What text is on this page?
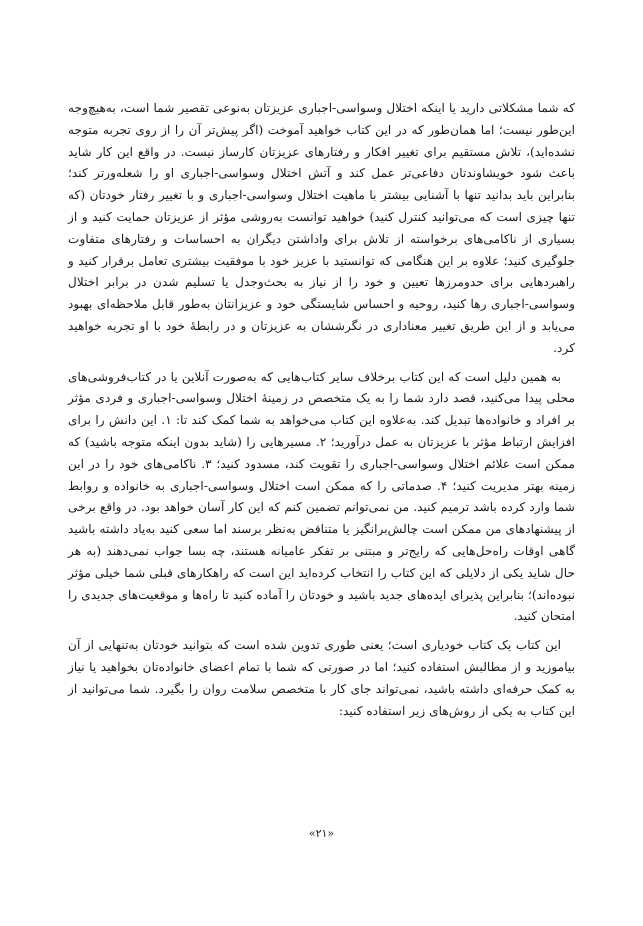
که شما مشکلاتی دارید یا اینکه اختلال وسواسی-اجباری عزیزتان به‌نوعی تقصیر شما است، به‌هیچ‌وجه این‌طور نیست؛ اما همان‌طور که در این کتاب خواهید آموخت (اگر پیش‌تر آن را از روی تجربه متوجه نشده‌اید)، تلاش مستقیم برای تغییر افکار و رفتارهای عزیزتان کارساز نیست. در واقع این کار شاید باعث شود خویشاوندتان دفاعی‌تر عمل کند و آتش اختلال وسواسی-اجباری او را شعله‌ورتر کند؛ بنابراین باید بدانید تنها با آشنایی بیشتر با ماهیت اختلال وسواسی-اجباری و با تغییر رفتار خودتان (که تنها چیزی است که می‌توانید کنترل کنید) خواهید توانست به‌روشی مؤثر از عزیزتان حمایت کنید و از بسیاری از ناکامی‌های برخواسته از تلاش برای واداشتن دیگران به احساسات و رفتارهای متفاوت جلوگیری کنید؛ علاوه بر این هنگامی که توانستید با عزیز خود با موفقیت بیشتری تعامل برقرار کنید و راهبردهایی برای حدومرزها تعیین و خود را از نیاز به بحث‌وجدل یا تسلیم شدن در برابر اختلال وسواسی-اجباری رها کنید، روحیه و احساس شایستگی خود و عزیزانتان به‌طور قابل ملاحظه‌ای بهبود می‌یابد و از این طریق تغییر معناداری در نگرششان به عزیزتان و در رابطهٔ خود با او تجربه خواهید کرد.

به همین دلیل است که این کتاب برخلاف سایر کتاب‌هایی که به‌صورت آنلاین یا در کتاب‌فروشی‌های محلی پیدا می‌کنید، قصد دارد شما را به یک متخصص در زمینهٔ اختلال وسواسی-اجباری و فردی مؤثر بر افراد و خانواده‌ها تبدیل کند. به‌علاوه این کتاب می‌خواهد به شما کمک کند تا: ۱. این دانش را برای افزایش ارتباط مؤثر با عزیزتان به عمل درآورید؛ ۲. مسیرهایی را (شاید بدون اینکه متوجه باشید) که ممکن است علائم اختلال وسواسی-اجباری را تقویت کند، مسدود کنید؛ ۳. ناکامی‌های خود را در این زمینه بهتر مدیریت کنید؛ ۴. صدماتی را که ممکن است اختلال وسواسی-اجباری به خانواده و روابط شما وارد کرده باشد ترمیم کنید. من نمی‌توانم تضمین کنم که این کار آسان خواهد بود. در واقع برخی از پیشنهادهای من ممکن است چالش‌برانگیز یا متناقض به‌نظر برسند اما سعی کنید به‌یاد داشته باشید گاهی اوقات راه‌حل‌هایی که رایج‌تر و مبتنی بر تفکر عامیانه هستند، چه بسا جواب نمی‌دهند (به هر حال شاید یکی از دلایلی که این کتاب را انتخاب کرده‌اید این است که راهکارهای قبلی شما خیلی مؤثر نبوده‌اند)؛ بنابراین پذیرای ایده‌های جدید باشید و خودتان را آماده کنید تا راه‌ها و موقعیت‌های جدیدی را امتحان کنید.

این کتاب یک کتاب خودیاری است؛ یعنی طوری تدوین شده است که بتوانید خودتان به‌تنهایی از آن بیاموزید و از مطالبش استفاده کنید؛ اما در صورتی که شما با تمام اعضای خانواده‌تان بخواهید یا نیاز به کمک حرفه‌ای داشته باشید، نمی‌تواند جای کار با متخصص سلامت روان را بگیرد. شما می‌توانید از این کتاب به یکی از روش‌های زیر استفاده کنید:

«۲۱»
